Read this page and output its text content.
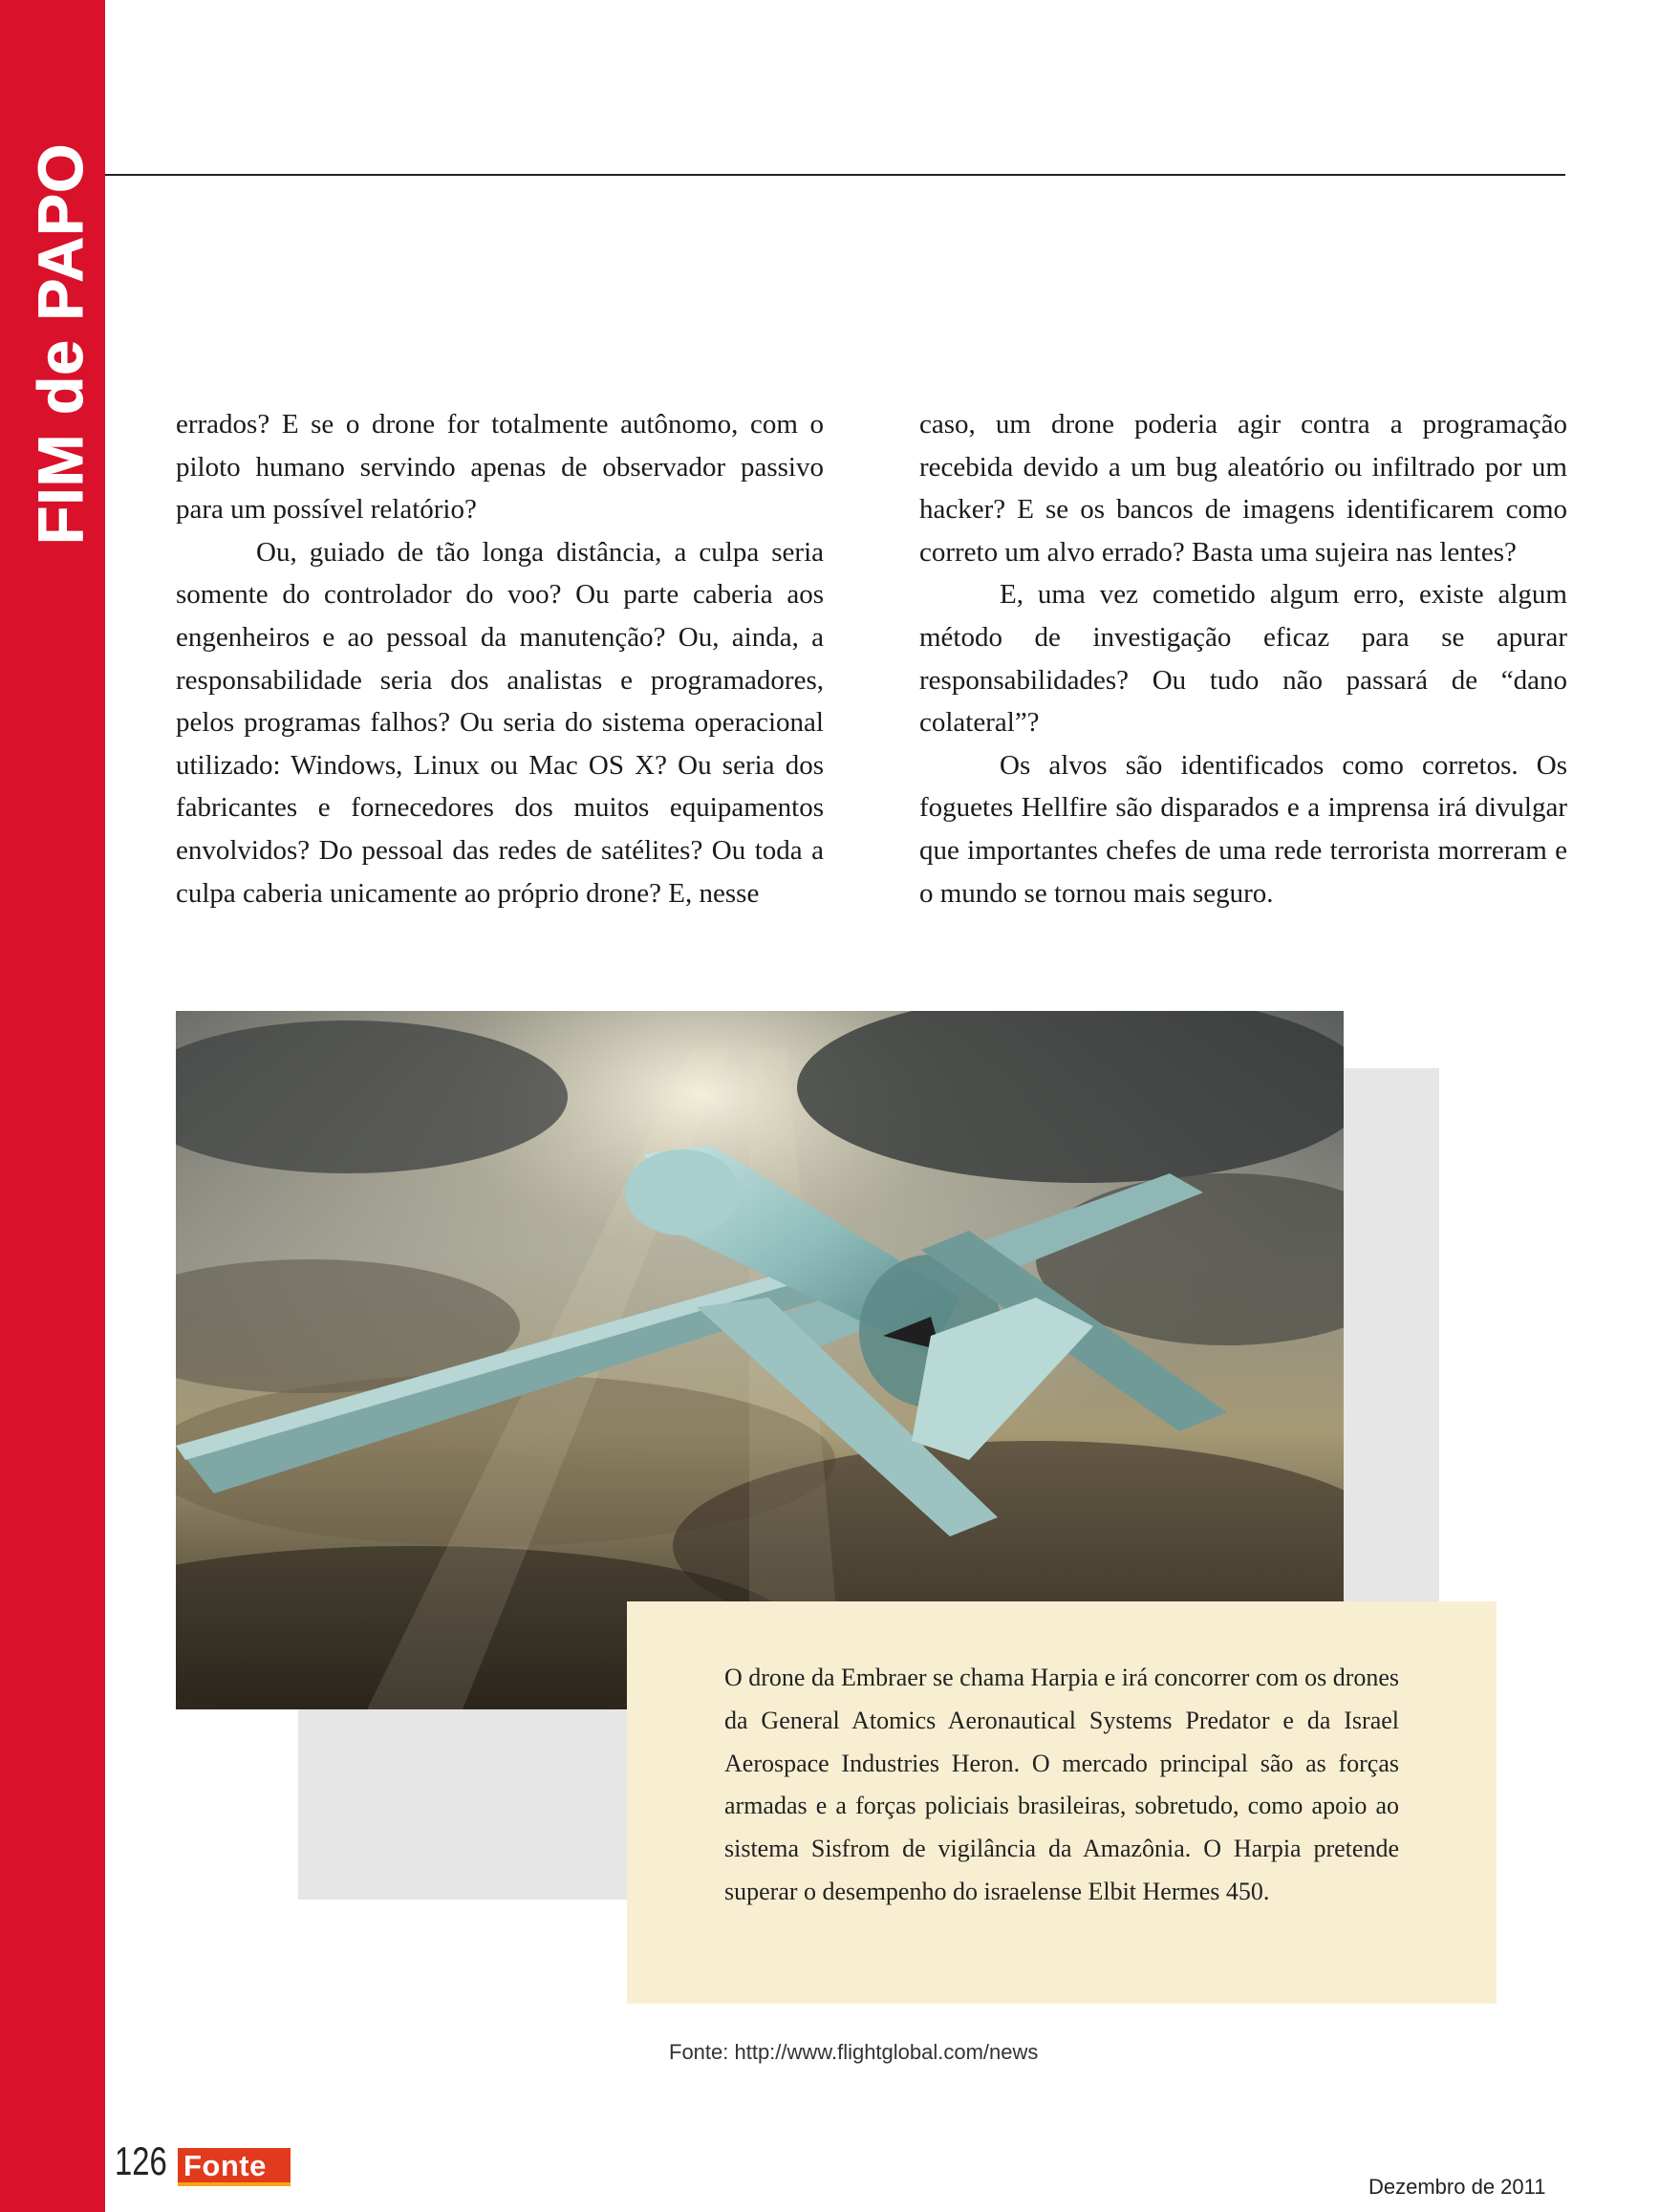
FIM de PAPO	errados? E se o drone for totalmente autônomo, com o piloto humano servindo apenas de observador passivo para um possível relatório?

Ou, guiado de tão longa distância, a culpa seria somente do controlador do voo? Ou parte caberia aos engenheiros e ao pessoal da manutenção? Ou, ainda, a responsabilidade seria dos analistas e programadores, pelos programas falhos? Ou seria do sistema operacional utilizado: Windows, Linux ou Mac OS X? Ou seria dos fabricantes e fornecedores dos muitos equipamentos envolvidos? Do pessoal das redes de satélites? Ou toda a culpa caberia unicamente ao próprio drone? E, nesse

caso, um drone poderia agir contra a programação recebida devido a um bug aleatório ou infiltrado por um hacker? E se os bancos de imagens identificarem como correto um alvo errado? Basta uma sujeira nas lentes?

E, uma vez cometido algum erro, existe algum método de investigação eficaz para se apurar responsabilidades? Ou tudo não passará de “dano colateral”?

Os alvos são identificados como corretos. Os foguetes Hellfire são disparados e a imprensa irá divulgar que importantes chefes de uma rede terrorista morreram e o mundo se tornou mais seguro.

O drone da Embraer se chama Harpia e irá concorrer com os drones da General Atomics Aeronautical Systems Predator e da Israel Aerospace Industries Heron. O mercado principal são as forças armadas e a forças policiais brasileiras, sobretudo, como apoio ao sistema Sisfrom de vigilância da Amazônia. O Harpia pretende superar o desempenho do israelense Elbit Hermes 450.

Fonte: http://www.flightglobal.com/news

126 Fonte
Dezembro de 2011
